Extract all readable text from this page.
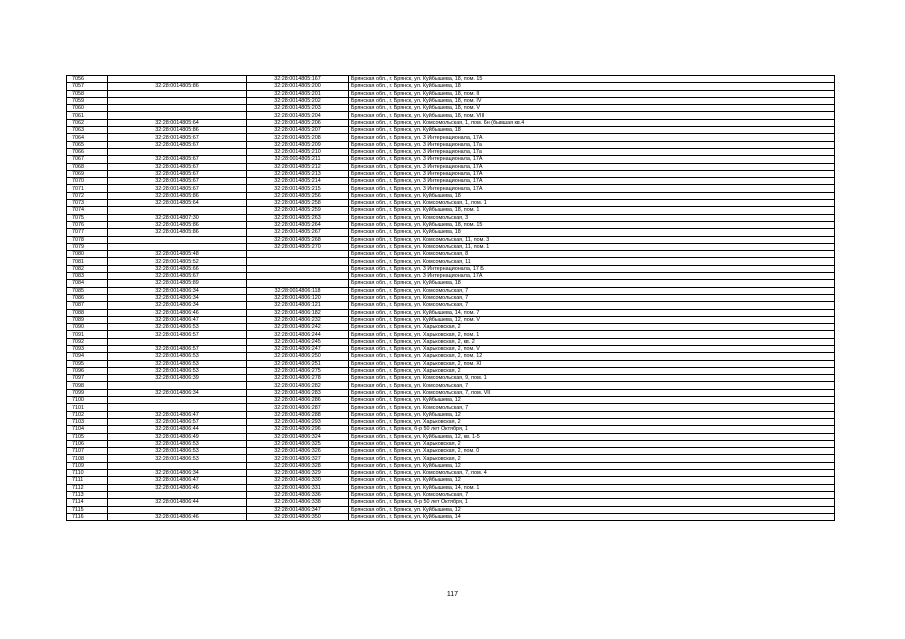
7056		32:28:0014805:167	Брянская обл., г. Брянск, ул. Куйбышева, 18, пом. 15
7057	32:28:0014805:86	32:28:0014805:200	Брянская обл., г. Брянск, ул. Куйбышева, 18
7058		32:28:0014805:201	Брянская обл., г. Брянск, ул. Куйбышева, 18, пом. II
7059		32:28:0014805:202	Брянская обл., г. Брянск, ул. Куйбышева, 18, пом. IV
7060		32:28:0014805:203	Брянская обл., г. Брянск, ул. Куйбышева, 18, пом. V
7061		32:28:0014805:204	Брянская обл., г. Брянск, ул. Куйбышева, 18, пом. VIII
7062	32:28:0014805:64	32:28:0014805:206	Брянская обл., г. Брянск, ул. Комсомольская, 1, пом. 6н (бывшая кв.4
7063	32:28:0014805:86	32:28:0014805:207	Брянская обл., г. Брянск, ул. Куйбышева, 18
7064	32:28:0014805:67	32:28:0014805:208	Брянская обл., г. Брянск, ул. 3 Интернационала, 17А
7065	32:28:0014805:67	32:28:0014805:209	Брянская обл., г. Брянск, ул. 3 Интернационала, 17а
7066		32:28:0014805:210	Брянская обл., г. Брянск, ул. 3 Интернационала, 17а
7067	32:28:0014805:67	32:28:0014805:211	Брянская обл., г. Брянск, ул. 3 Интернационала, 17А
7068	32:28:0014805:67	32:28:0014805:212	Брянская обл., г. Брянск, ул. 3 Интернационала, 17А
7069	32:28:0014805:67	32:28:0014805:213	Брянская обл., г. Брянск, ул. 3 Интернационала, 17А
7070	32:28:0014805:67	32:28:0014805:214	Брянская обл., г. Брянск, ул. 3 Интернационала, 17А
7071	32:28:0014805:67	32:28:0014805:215	Брянская обл., г. Брянск, ул. 3 Интернационала, 17А
7072	32:28:0014805:86	32:28:0014805:256	Брянская обл., г. Брянск, ул. Куйбышева, 18
7073	32:28:0014805:64	32:28:0014805:258	Брянская обл., г. Брянск, ул. Комсомольская, 1, пом. 1
7074		32:28:0014805:259	Брянская обл., г. Брянск, ул. Куйбышева, 18, пом. 1
7075	32:28:0014807:30	32:28:0014805:263	Брянская обл., г. Брянск, ул. Комсомольская, 3
7076	32:28:0014805:86	32:28:0014805:264	Брянская обл., г. Брянск, ул. Куйбышева, 18, пом. 15
7077	32:28:0014805:86	32:28:0014805:267	Брянская обл., г. Брянск, ул. Куйбышева, 18
7078		32:28:0014805:268	Брянская обл., г. Брянск, ул. Комсомольская, 11, пом. 3
7079		32:28:0014805:270	Брянская обл., г. Брянск, ул. Комсомольская, 11, пом. 1
7080	32:28:0014805:48		Брянская обл., г. Брянск, ул. Комсомольская, 8
7081	32:28:0014805:52		Брянская обл., г. Брянск, ул. Комсомольская, 11
7082	32:28:0014805:66		Брянская обл., г. Брянск, ул. 3 Интернационала, 17 Б
7083	32:28:0014805:67		Брянская обл., г. Брянск, ул. 3 Интернационала, 17А
7084	32:28:0014805:89		Брянская обл., г. Брянск, ул. Куйбышева, 18
7085	32:28:0014806:34	32:28:0014806:118	Брянская обл., г. Брянск, ул. Комсомольская, 7
7086	32:28:0014806:34	32:28:0014806:120	Брянская обл., г. Брянск, ул. Комсомольская, 7
7087	32:28:0014806:34	32:28:0014806:121	Брянская обл., г. Брянск, ул. Комсомольская, 7
7088	32:28:0014806:46	32:28:0014806:182	Брянская обл., г. Брянск, ул. Куйбышева, 14, пом. 7
7089	32:28:0014806:47	32:28:0014806:232	Брянская обл., г. Брянск, ул. Куйбышева, 12, пом. V
7090	32:28:0014806:53	32:28:0014806:242	Брянская обл., г. Брянск, ул. Харьковская, 2
7091	32:28:0014806:57	32:28:0014806:244	Брянская обл., г. Брянск, ул. Харьковская, 2, пом. 1
7092		32:28:0014806:245	Брянская обл., г. Брянск, ул. Харьковская, 2, кв. 2
7093	32:28:0014806:57	32:28:0014806:247	Брянская обл., г. Брянск, ул. Харьковская, 2, пом. V
7094	32:28:0014806:53	32:28:0014806:250	Брянская обл., г. Брянск, ул. Харьковская, 2, пом. 12
7095	32:28:0014806:53	32:28:0014806:251	Брянская обл., г. Брянск, ул. Харьковская, 2, пом. XI
7096	32:28:0014806:53	32:28:0014806:275	Брянская обл., г. Брянск, ул. Харьковская, 2
7097	32:28:0014806:39	32:28:0014806:278	Брянская обл., г. Брянск, ул. Комсомольская, 9, пом. 1
7098		32:28:0014806:282	Брянская обл., г. Брянск, ул. Комсомольская, 7
7099	32:28:0014806:34	32:28:0014806:283	Брянская обл., г. Брянск, ул. Комсомольская, 7, пом. VII
7100		32:28:0014806:286	Брянская обл., г. Брянск, ул. Куйбышева, 12
7101		32:28:0014806:287	Брянская обл., г. Брянск, ул. Комсомольская, 7
7102	32:28:0014806:47	32:28:0014806:288	Брянская обл., г. Брянск, ул. Куйбышева, 12
7103	32:28:0014806:57	32:28:0014806:293	Брянская обл., г. Брянск, ул. Харьковская, 2
7104	32:28:0014806:44	32:28:0014806:296	Брянская обл., г. Брянск, б-р 50 лет Октября, 1
7105	32:28:0014806:49	32:28:0014806:324	Брянская обл., г. Брянск, ул. Куйбышева, 12, кв. 1-5
7106	32:28:0014806:53	32:28:0014806:325	Брянская обл., г. Брянск, ул. Харьковская, 2
7107	32:28:0014806:53	32:28:0014806:326	Брянская обл., г. Брянск, ул. Харьковская, 2, пом. 0
7108	32:28:0014806:53	32:28:0014806:327	Брянская обл., г. Брянск, ул. Харьковская, 2
7109		32:28:0014806:328	Брянская обл., г. Брянск, ул. Куйбышева, 12
7110	32:28:0014806:34	32:28:0014806:329	Брянская обл., г. Брянск, ул. Комсомольская, 7, пом. 4
7111	32:28:0014806:47	32:28:0014806:330	Брянская обл., г. Брянск, ул. Куйбышева, 12
7112	32:28:0014806:46	32:28:0014806:331	Брянская обл., г. Брянск, ул. Куйбышева, 14, пом. 1
7113		32:28:0014806:336	Брянская обл., г. Брянск, ул. Комсомольская, 7
7114	32:28:0014806:44	32:28:0014806:338	Брянская обл., г. Брянск, б-р 50 лет Октября, 1
7115		32:28:0014806:347	Брянская обл., г. Брянск, ул. Куйбышева, 12
7116	32:28:0014806:46	32:28:0014806:350	Брянская обл., г. Брянск, ул. Куйбышева, 14
117
